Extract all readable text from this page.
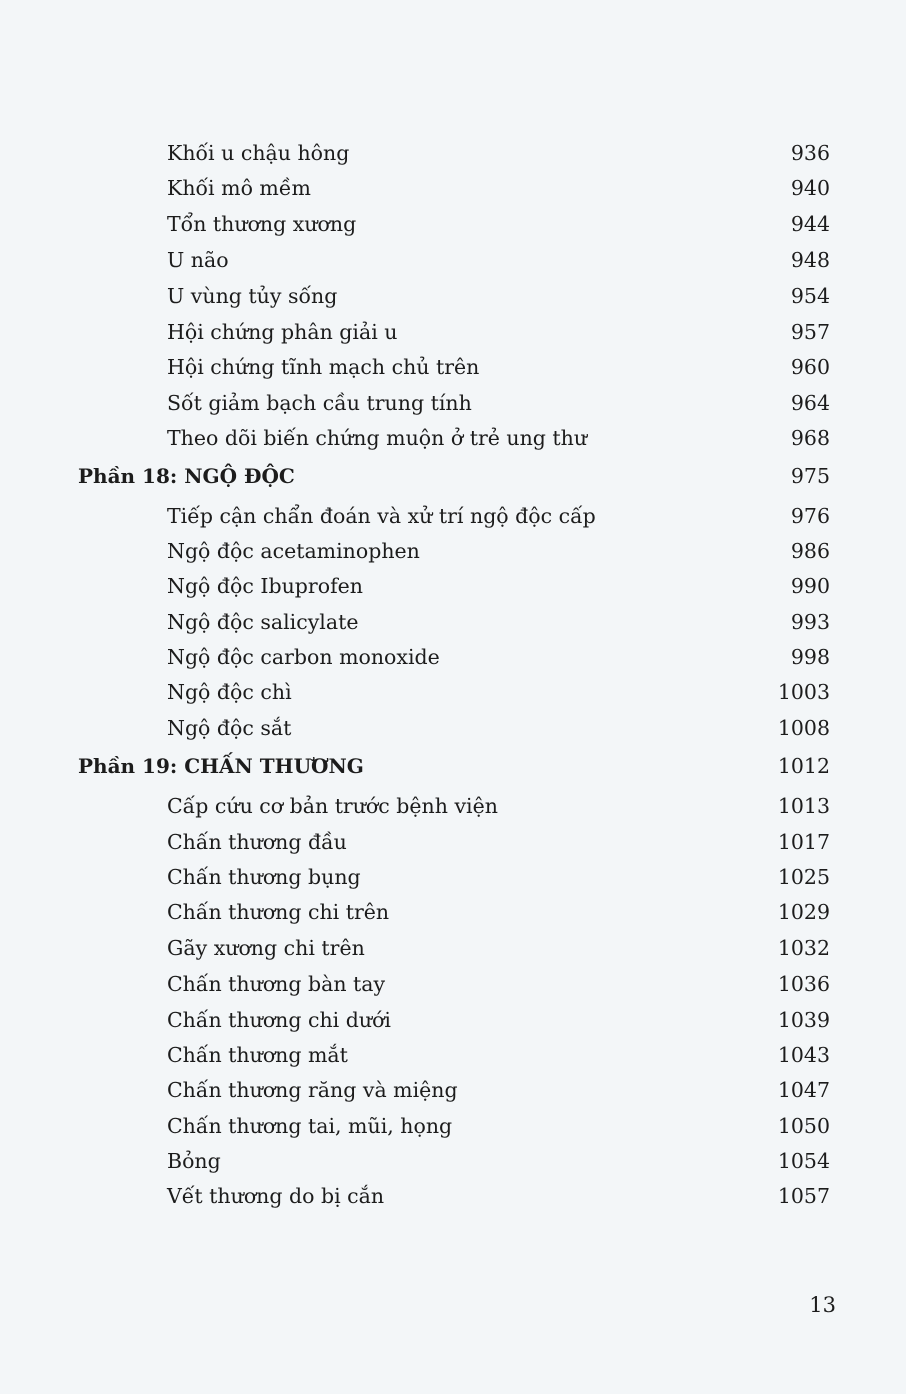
Khối u chậu hông	936
Khối mô mềm	940
Tổn thương xương	944
U não	948
U vùng tủy sống	954
Hội chứng phân giải u	957
Hội chứng tĩnh mạch chủ trên	960
Sốt giảm bạch cầu trung tính	964
Theo dõi biến chứng muộn ở trẻ ung thư	968
Phần 18: NGỘ ĐỘC	975
Tiếp cận chẩn đoán và xử trí ngộ độc cấp	976
Ngộ độc acetaminophen	986
Ngộ độc Ibuprofen	990
Ngộ độc salicylate	993
Ngộ độc carbon monoxide	998
Ngộ độc chì	1003
Ngộ độc sắt	1008
Phần 19: CHẤN THƯƠNG	1012
Cấp cứu cơ bản trước bệnh viện	1013
Chấn thương đầu	1017
Chấn thương bụng	1025
Chấn thương chi trên	1029
Gãy xương chi trên	1032
Chấn thương bàn tay	1036
Chấn thương chi dưới	1039
Chấn thương mắt	1043
Chấn thương răng và miệng	1047
Chấn thương tai, mũi, họng	1050
Bỏng	1054
Vết thương do bị cắn	1057
13
